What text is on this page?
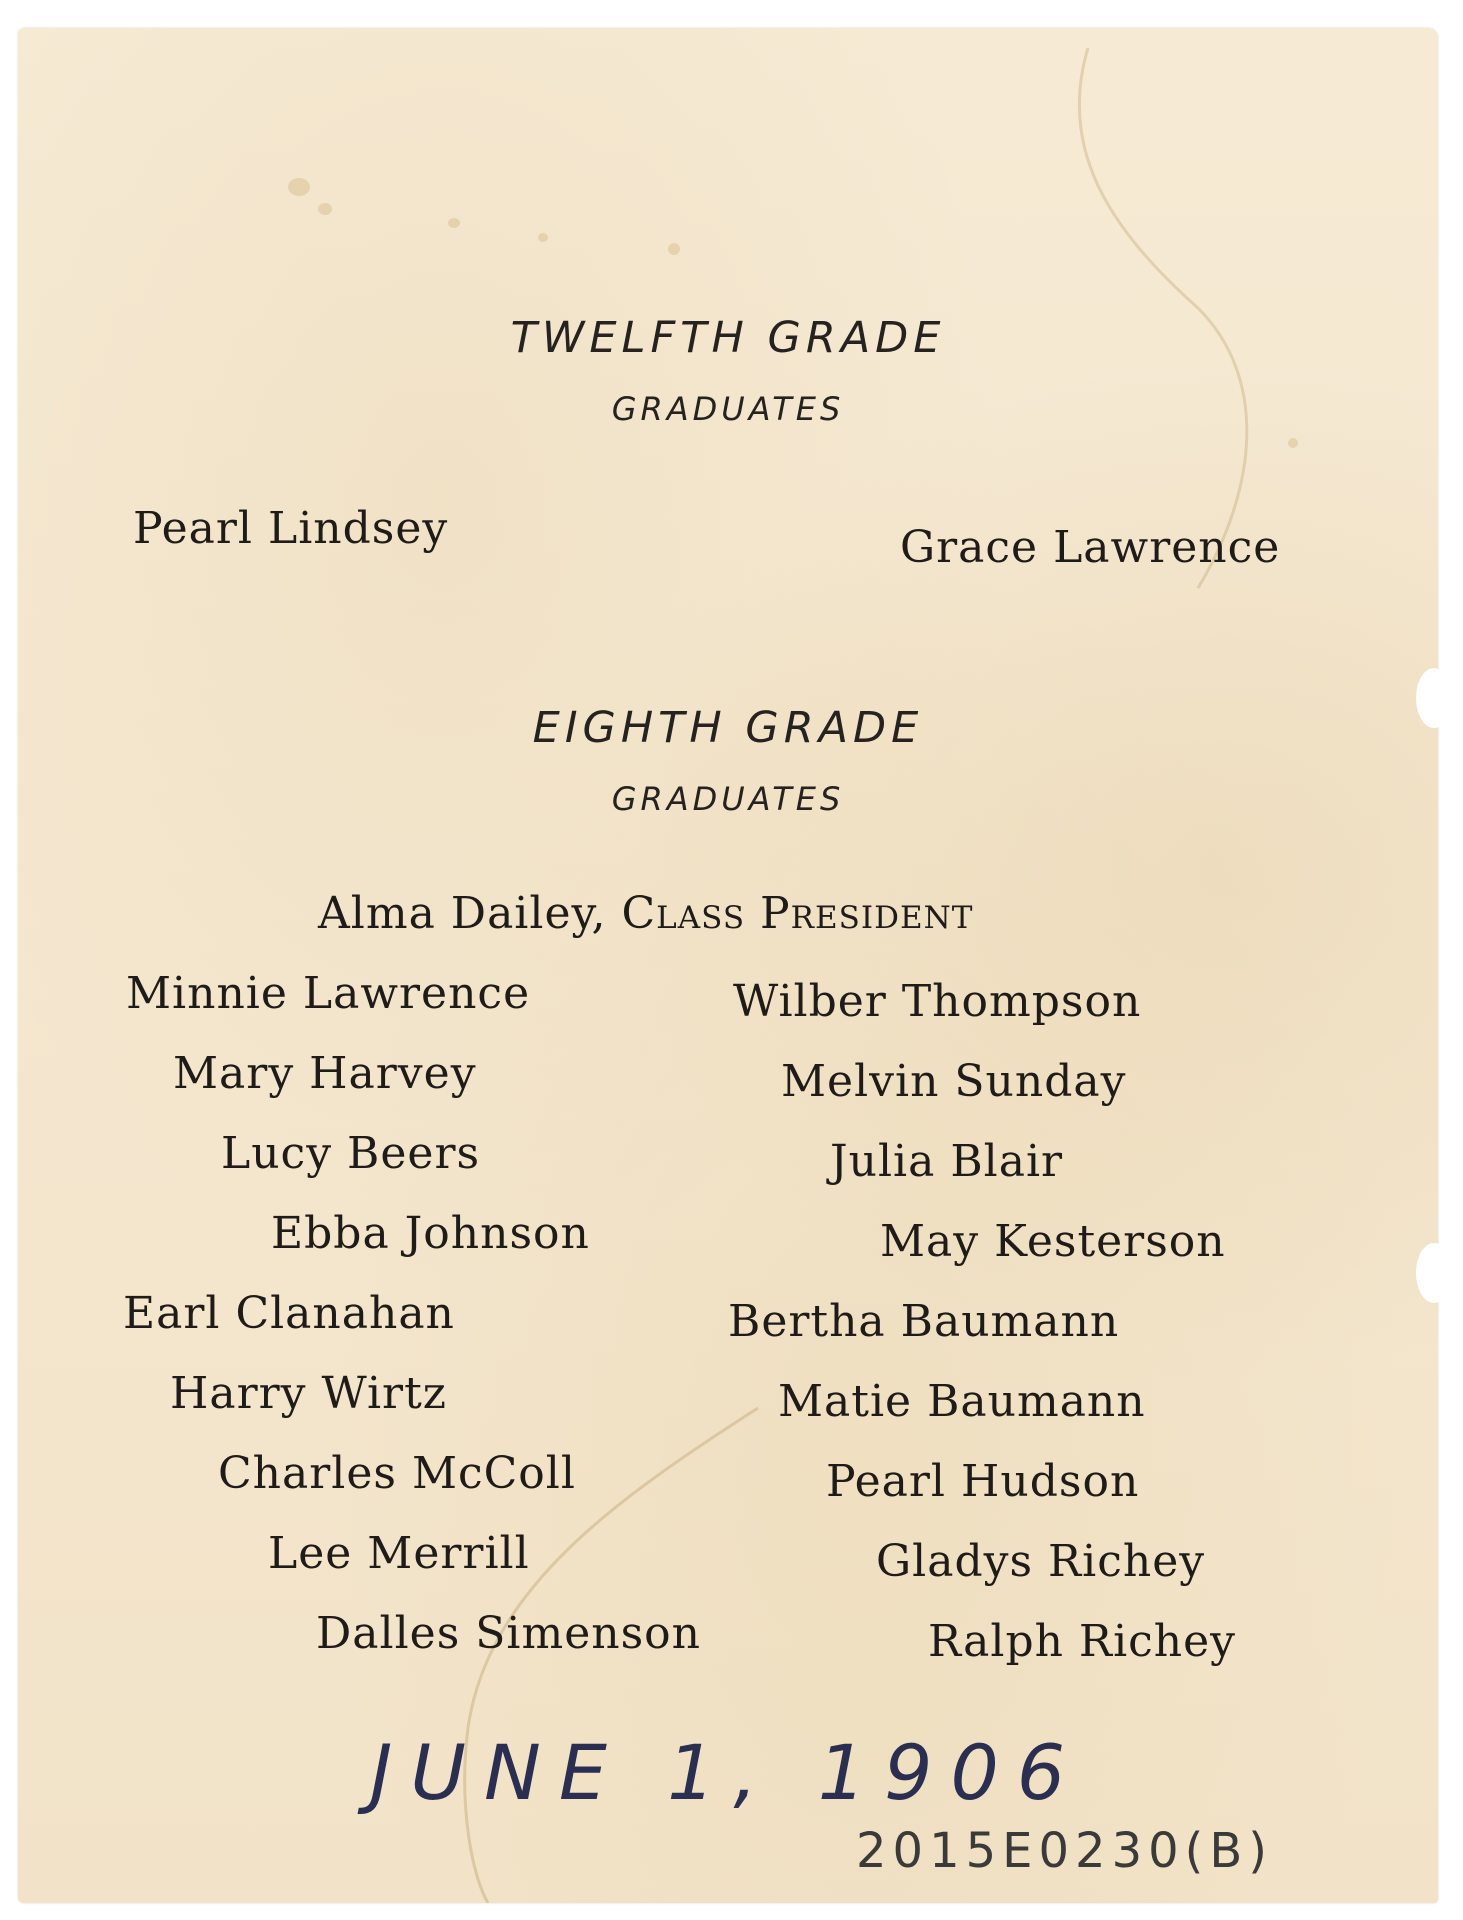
TWELFTH GRADE
GRADUATES
Pearl Lindsey	Grace Lawrence
EIGHTH GRADE
GRADUATES
Alma Dailey, Class President
Minnie Lawrence
Mary Harvey
Lucy Beers
Ebba Johnson
Earl Clanahan
Harry Wirtz
Charles McColl
Lee Merrill
Dalles Simenson
Wilber Thompson
Melvin Sunday
Julia Blair
May Kesterson
Bertha Baumann
Matie Baumann
Pearl Hudson
Gladys Richey
Ralph Richey
JUNE 1, 1906
2015E0230(B)
